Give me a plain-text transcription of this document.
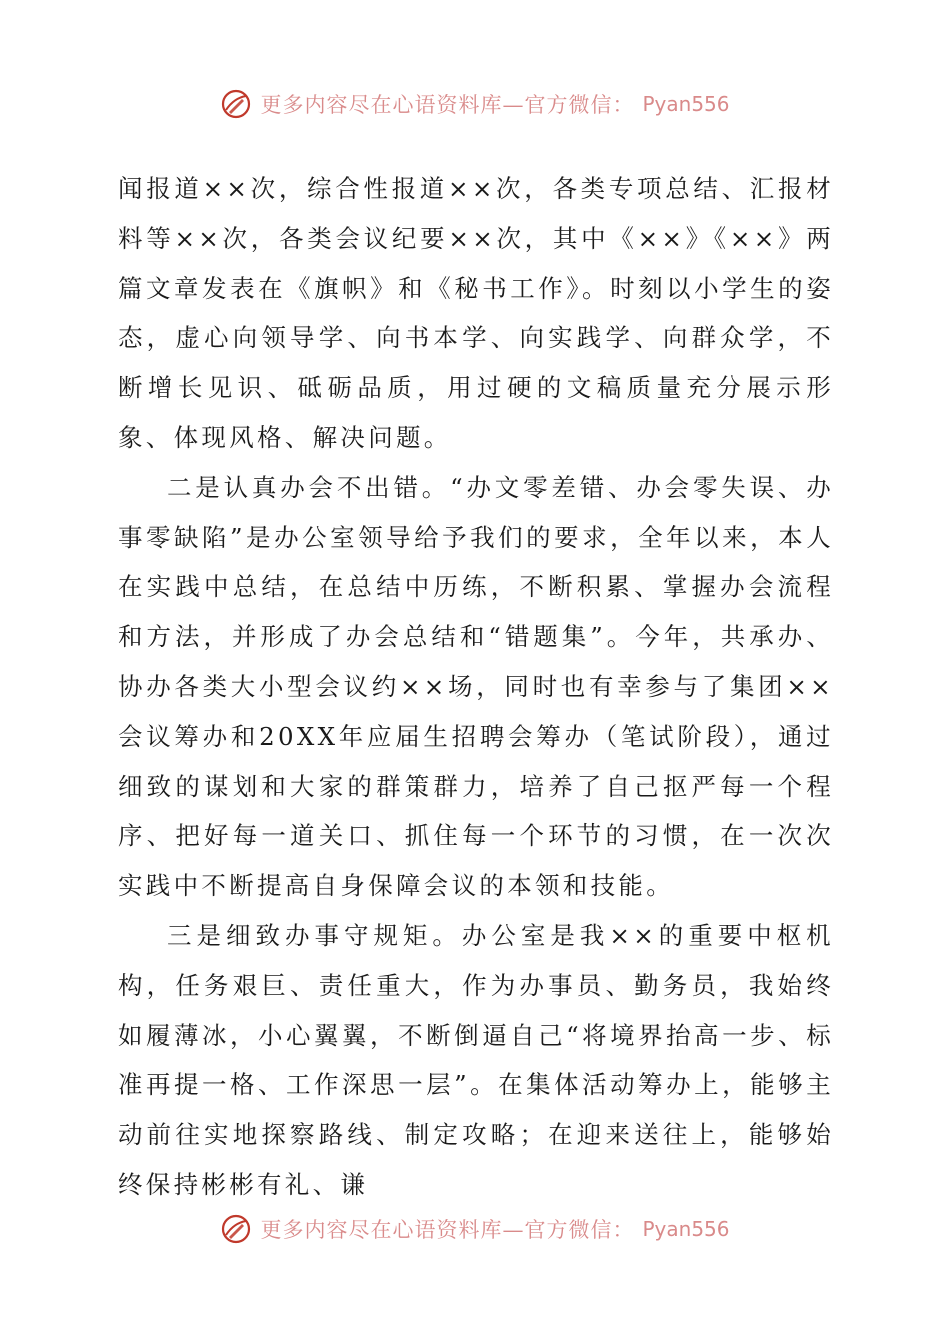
更多内容尽在心语资料库—官方微信： Pyan556

闻报道××次，综合性报道××次，各类专项总结、汇报材料等××次，各类会议纪要××次，其中《××》《××》两篇文章发表在《旗帜》和《秘书工作》。时刻以小学生的姿态，虚心向领导学、向书本学、向实践学、向群众学，不断增长见识、砥砺品质，用过硬的文稿质量充分展示形象、体现风格、解决问题。

二是认真办会不出错。“办文零差错、办会零失误、办事零缺陷”是办公室领导给予我们的要求，全年以来，本人在实践中总结，在总结中历练，不断积累、掌握办会流程和方法，并形成了办会总结和“错题集”。今年，共承办、协办各类大小型会议约××场，同时也有幸参与了集团××会议筹办和20XX年应届生招聘会筹办（笔试阶段），通过细致的谋划和大家的群策群力，培养了自己抠严每一个程序、把好每一道关口、抓住每一个环节的习惯，在一次次实践中不断提高自身保障会议的本领和技能。

三是细致办事守规矩。办公室是我××的重要中枢机构，任务艰巨、责任重大，作为办事员、勤务员，我始终如履薄冰，小心翼翼，不断倒逼自己“将境界抬高一步、标准再提一格、工作深思一层”。在集体活动筹办上，能够主动前往实地探察路线、制定攻略；在迎来送往上，能够始终保持彬彬有礼、谦

更多内容尽在心语资料库—官方微信： Pyan556
